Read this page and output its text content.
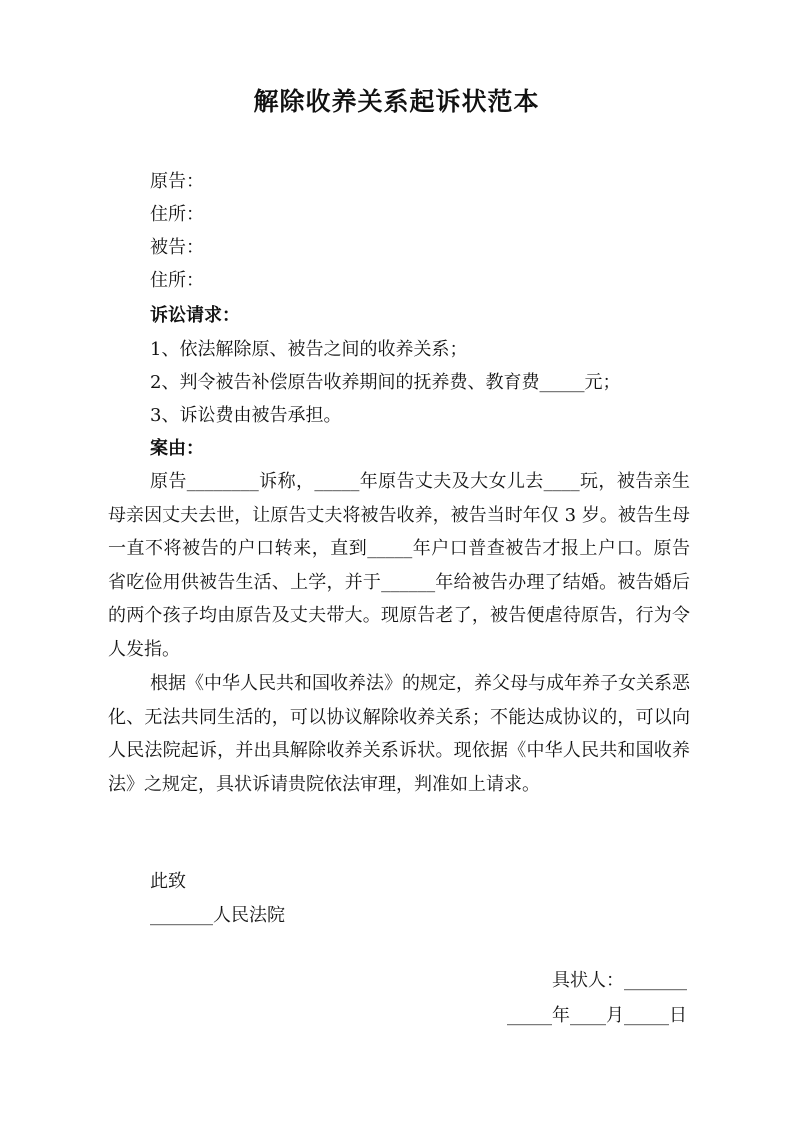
解除收养关系起诉状范本
原告：
住所：
被告：
住所：
诉讼请求：
1、依法解除原、被告之间的收养关系；
2、判令被告补偿原告收养期间的抚养费、教育费_____元；
3、诉讼费由被告承担。
案由：
原告________诉称，_____年原告丈夫及大女儿去____玩，被告亲生母亲因丈夫去世，让原告丈夫将被告收养，被告当时年仅 3 岁。被告生母一直不将被告的户口转来，直到_____年户口普查被告才报上户口。原告省吃俭用供被告生活、上学，并于______年给被告办理了结婚。被告婚后的两个孩子均由原告及丈夫带大。现原告老了，被告便虐待原告，行为令人发指。
根据《中华人民共和国收养法》的规定，养父母与成年养子女关系恶化、无法共同生活的，可以协议解除收养关系；不能达成协议的，可以向人民法院起诉，并出具解除收养关系诉状。现依据《中华人民共和国收养法》之规定，具状诉请贵院依法审理，判准如上请求。
此致
_______人民法院
具状人：_______
_____年____月_____日
